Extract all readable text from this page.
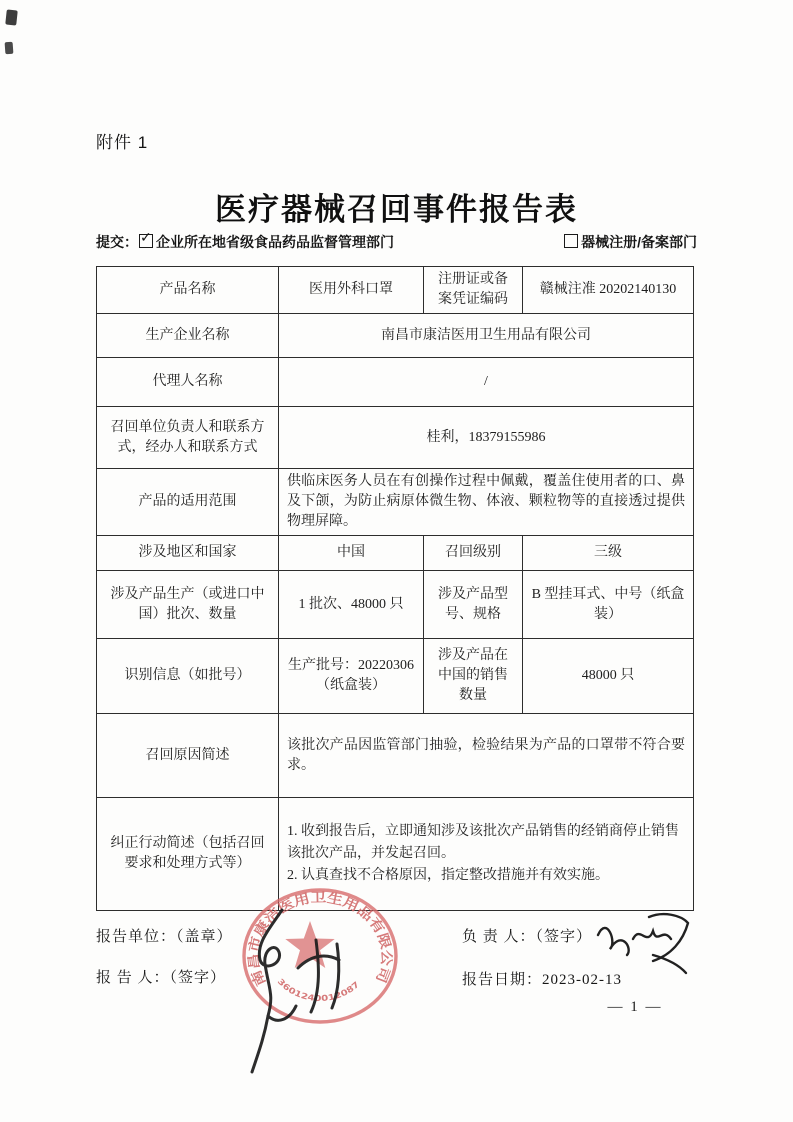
附件 1
医疗器械召回事件报告表
提交： ✓ 企业所在地省级食品药品监督管理部门	器械注册/备案部门
产品名称	医用外科口罩	注册证或备案凭证编码	赣械注准 20202140130
生产企业名称	南昌市康洁医用卫生用品有限公司		
代理人名称	/		
召回单位负责人和联系方式，经办人和联系方式	桂利，18379155986		
产品的适用范围	供临床医务人员在有创操作过程中佩戴，覆盖住使用者的口、鼻及下颌，为防止病原体微生物、体液、颗粒物等的直接透过提供物理屏障。		
涉及地区和国家	中国	召回级别	三级
涉及产品生产（或进口中国）批次、数量	1 批次、48000 只	涉及产品型号、规格	B 型挂耳式、中号（纸盒装）
识别信息（如批号）	生产批号：20220306（纸盒装）	涉及产品在中国的销售数量	48000 只
召回原因简述	该批次产品因监管部门抽验，检验结果为产品的口罩带不符合要求。		
纠正行动简述（包括召回要求和处理方式等）	1. 收到报告后，立即通知涉及该批次产品销售的经销商停止销售该批次产品，并发起召回。
2. 认真查找不合格原因，指定整改措施并有效实施。		
报告单位：（盖章）
报 告 人：（签字）
负 责 人：（签字）
报告日期：2023-02-13
— 1 —
南昌市康洁医用卫生用品有限公司
3601240012087
